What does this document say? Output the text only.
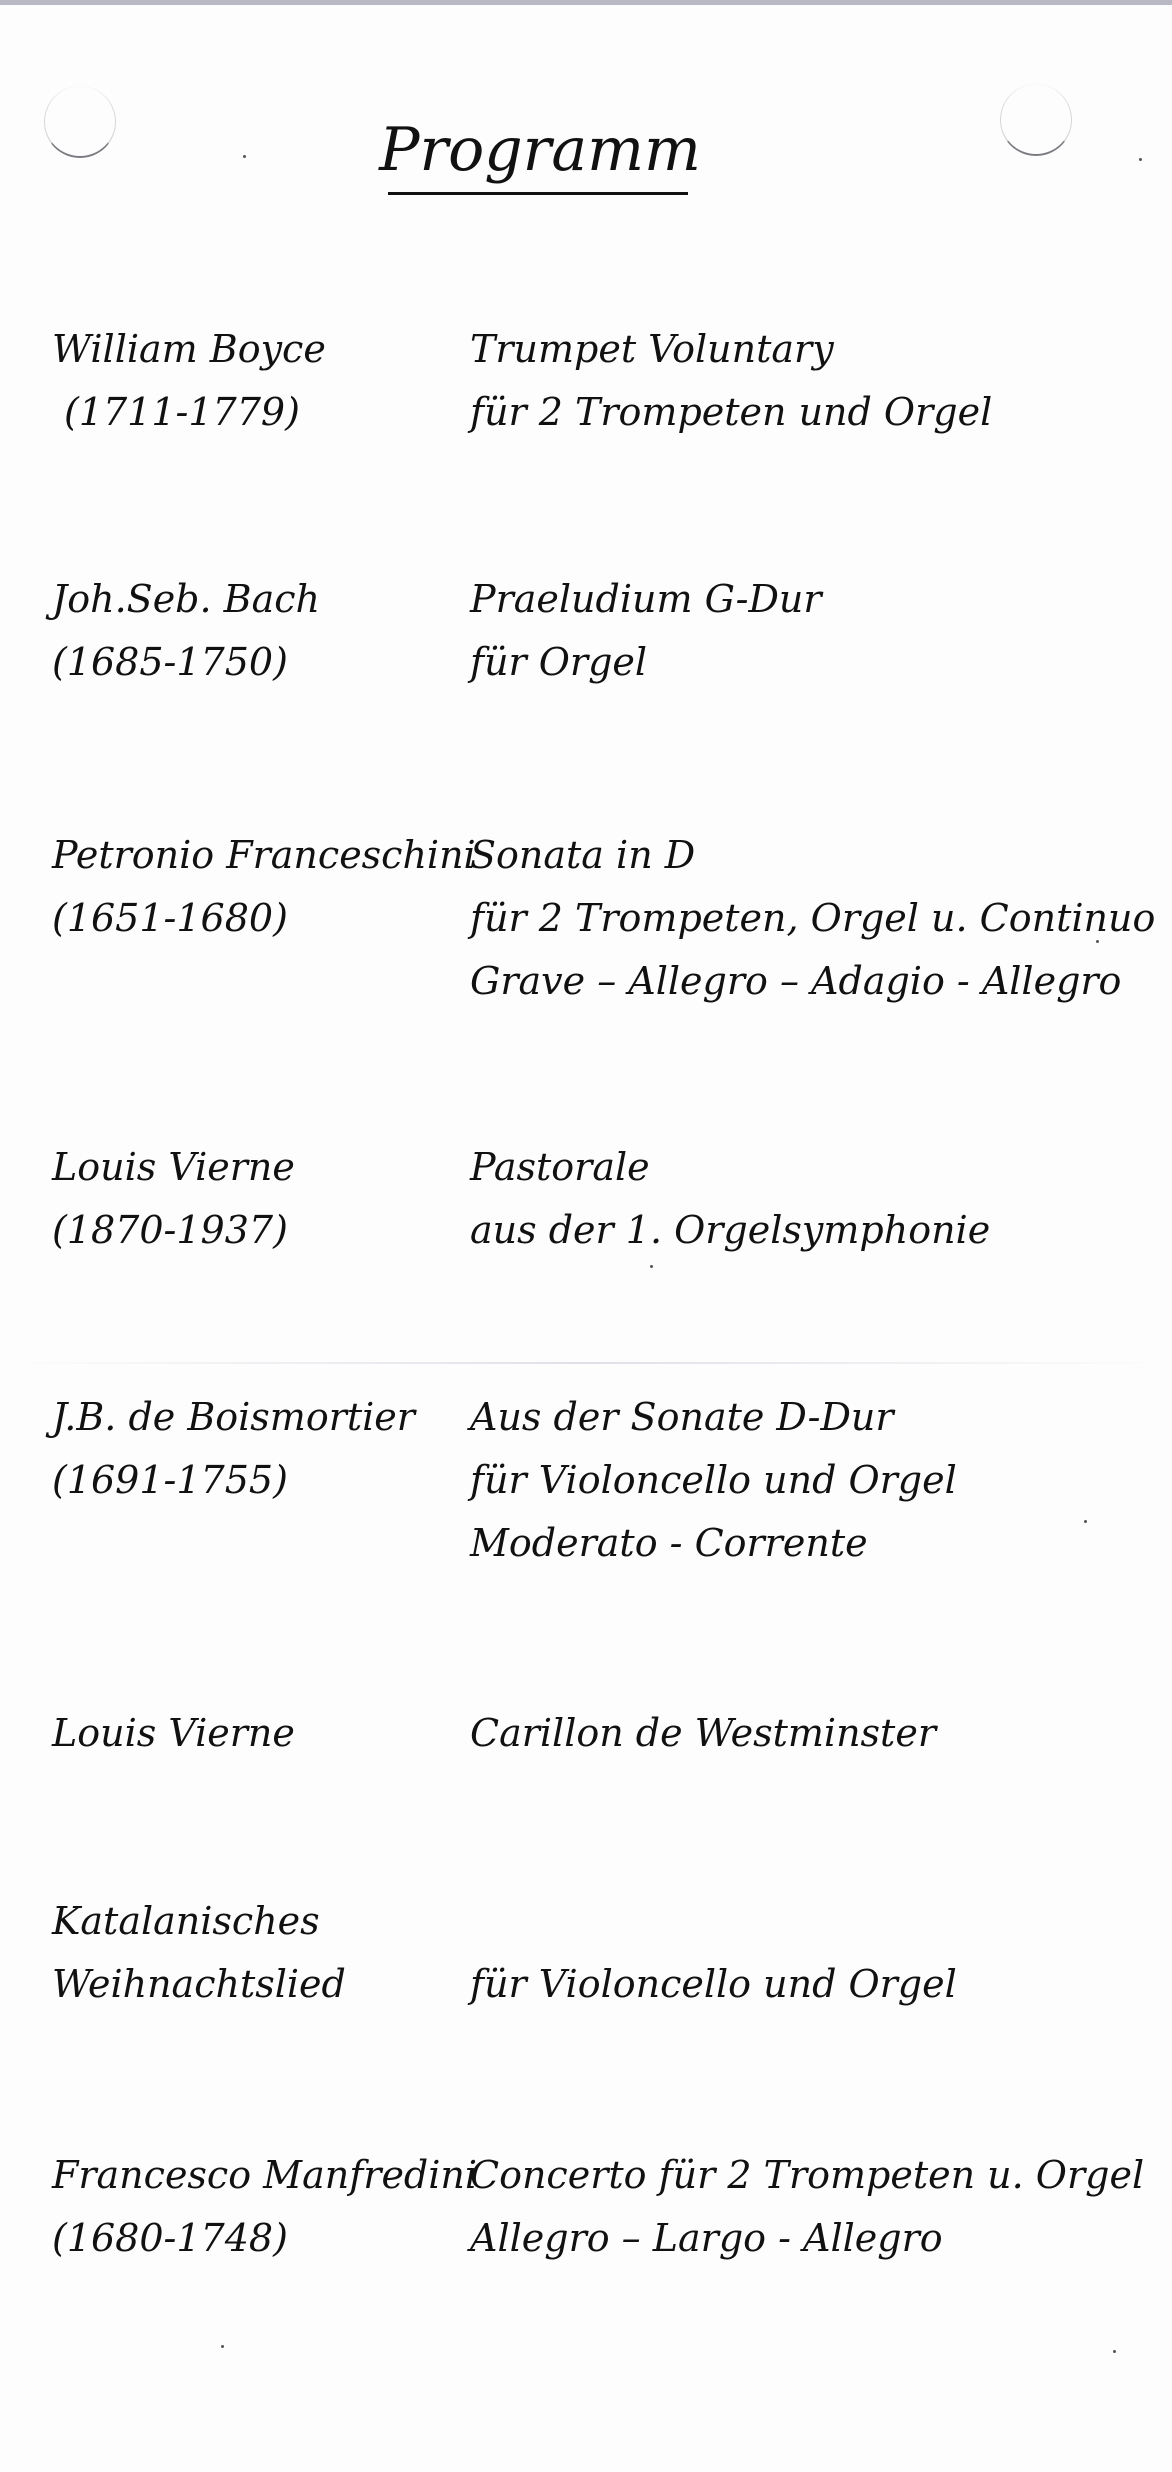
Programm
William Boyce
(1711-1779)
Trumpet Voluntary
für 2 Trompeten und Orgel
Joh.Seb. Bach
(1685-1750)
Praeludium G-Dur
für Orgel
Petronio Franceschini
(1651-1680)
Sonata in D
für 2 Trompeten, Orgel u. Continuo
Grave – Allegro – Adagio - Allegro
Louis Vierne
(1870-1937)
Pastorale
aus der 1. Orgelsymphonie
J.B. de Boismortier
(1691-1755)
Aus der Sonate D-Dur
für Violoncello und Orgel
Moderato - Corrente
Louis Vierne	Carillon de Westminster
Katalanisches
Weihnachtslied	für Violoncello und Orgel
Francesco Manfredini
(1680-1748)
Concerto für 2 Trompeten u. Orgel
Allegro – Largo - Allegro
